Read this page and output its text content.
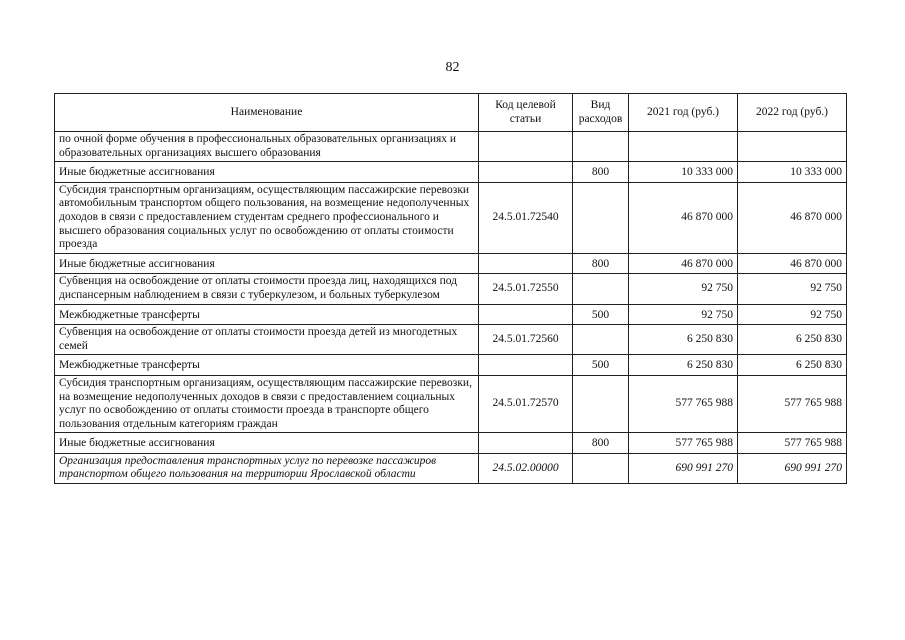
82
Наименование	Код целевой статьи	Вид расходов	2021 год (руб.)	2022 год (руб.)
по очной форме обучения в профессиональных образовательных организациях и образовательных организациях высшего образования				
Иные бюджетные ассигнования		800	10 333 000	10 333 000
Субсидия транспортным организациям, осуществляющим пассажирские перевозки автомобильным транспортом общего пользования, на возмещение недополученных доходов в связи с предоставлением студентам среднего профессионального и высшего образования социальных услуг по освобождению от оплаты стоимости проезда	24.5.01.72540		46 870 000	46 870 000
Иные бюджетные ассигнования		800	46 870 000	46 870 000
Субвенция на освобождение от оплаты стоимости проезда лиц, находящихся под диспансерным наблюдением в связи с туберкулезом, и больных туберкулезом	24.5.01.72550		92 750	92 750
Межбюджетные трансферты		500	92 750	92 750
Субвенция на освобождение от оплаты стоимости проезда детей из многодетных семей	24.5.01.72560		6 250 830	6 250 830
Межбюджетные трансферты		500	6 250 830	6 250 830
Субсидия транспортным организациям, осуществляющим пассажирские перевозки, на возмещение недополученных доходов в связи с предоставлением социальных услуг по освобождению от оплаты стоимости проезда в транспорте общего пользования отдельным категориям граждан	24.5.01.72570		577 765 988	577 765 988
Иные бюджетные ассигнования		800	577 765 988	577 765 988
Организация предоставления транспортных услуг по перевозке пассажиров транспортом общего пользования на территории Ярославской области	24.5.02.00000		690 991 270	690 991 270
